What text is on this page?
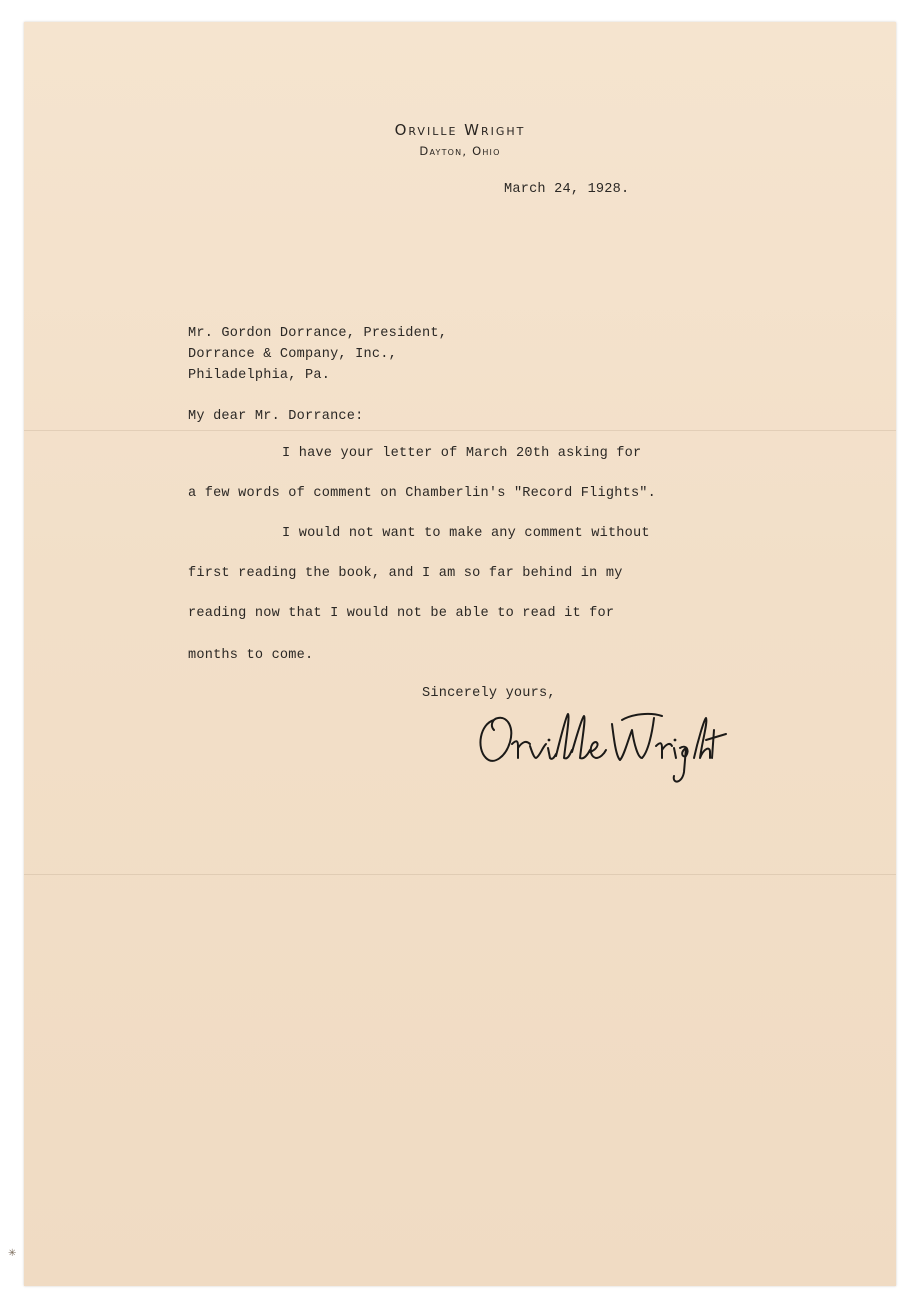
Orville Wright
Dayton, Ohio
March 24, 1928.
Mr. Gordon Dorrance, President,
Dorrance & Company, Inc.,
Philadelphia, Pa.
My dear Mr. Dorrance:
I have your letter of March 20th asking for
a few words of comment on Chamberlin's "Record Flights".
I would not want to make any comment without
first reading the book, and I am so far behind in my
reading now that I would not be able to read it for
months to come.
Sincerely yours,
✳
